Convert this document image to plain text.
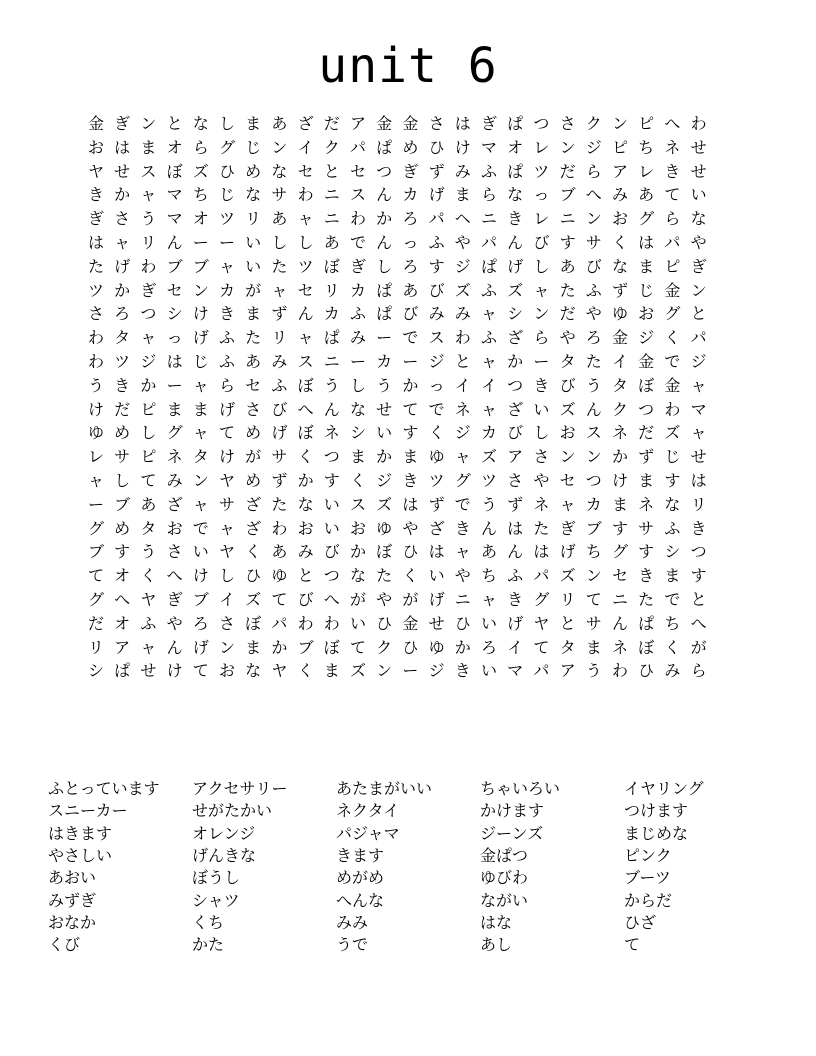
unit 6
金 ぎ ン と な し ま あ ざ だ ア 金 金 さ は ぎ ぱ つ さ ク ン ピ へ わ
お は ま オ ら グ じ ン イ ク パ ぱ め ひ け マ オ レ ン ジ ピ ち ネ せ
ヤ せ ス ぼ ズ ひ め な セ と セ つ ぎ ず み ふ ぱ ツ だ ら ア レ き せ
き か ャ マ ち じ な サ わ ニ ス ん カ げ ま ら な っ ブ へ み あ て い
ぎ さ う マ オ ツ リ あ ャ ニ わ か ろ パ ヘ ニ き レ ニ ン お グ ら な
は ャ リ ん ー ー い し し あ で ん っ ふ や パ ん び す サ く は パ や
た げ わ ブ ブ ャ い た ツ ぼ ぎ し ろ す ジ ぱ げ し あ び な ま ピ ぎ
ツ か ぎ セ ン カ が ャ セ リ カ ぱ あ び ズ ふ ズ ャ た ふ ず じ 金 ン
さ ろ つ シ け き ま ず ん カ ふ ぱ び み み ャ シ ン だ や ゆ お グ と
わ タ ャ っ げ ふ た リ ャ ぱ み ー で ス わ ふ ざ ら や ろ 金 ジ く パ
わ ツ ジ は じ ふ あ み ス ニ ー カ ー ジ と ャ か ー タ た イ 金 で ジ
う き か ー ャ ら セ ふ ぼ う し う か っ イ イ つ き び う タ ぼ 金 ャ
け だ ピ ま ま げ さ び へ ん な せ て で ネ ャ ざ い ズ ん ク つ わ マ
ゆ め し グ ャ て め げ ぼ ネ シ い す く ジ カ び し お ス ネ だ ズ ャ
レ サ ピ ネ タ け が サ く つ ま か ま ゆ ャ ズ ア さ ン ン か ず じ せ
ャ し て み ン ヤ め ず か す く ジ き ツ グ ツ さ や セ つ け ま す は
ー ブ あ ざ ャ サ ざ た な い ス ズ は ず で う ず ネ ャ カ ま ネ な リ
グ め タ お で ャ ざ わ お い お ゆ や ざ き ん は た ぎ ブ す サ ふ き
ブ す う さ い ヤ く あ み び か ぼ ひ は ャ あ ん は げ ち グ す シ つ
て オ く へ け し ひ ゆ と つ な た く い や ち ふ パ ズ ン セ き ま す
グ へ ヤ ぎ ブ イ ズ て び へ が や が げ ニ ャ き グ リ て ニ た で と
だ オ ふ や ろ さ ぼ パ わ わ い ひ 金 せ ひ い げ ヤ と サ ん ぱ ち へ
リ ア ャ ん げ ン ま か ブ ぼ て ク ひ ゆ か ろ イ て タ ま ネ ぼ く が
シ ぱ せ け て お な ヤ く ま ズ ン ー ジ き い マ パ ア う わ ひ み ら
ふとっています アクセサリー	あたまがいい	ちゃいろい	イヤリング
スニーカー	せがたかい	ネクタイ	かけます	つけます
はきます	オレンジ	パジャマ	ジーンズ	まじめな
やさしい	げんきな	きます	金ぱつ	ピンク
あおい	ぼうし	めがめ	ゆびわ	ブーツ
みずぎ	シャツ	へんな	ながい	からだ
おなか	くち	みみ	はな	ひざ
くび	かた	うで	あし	て
